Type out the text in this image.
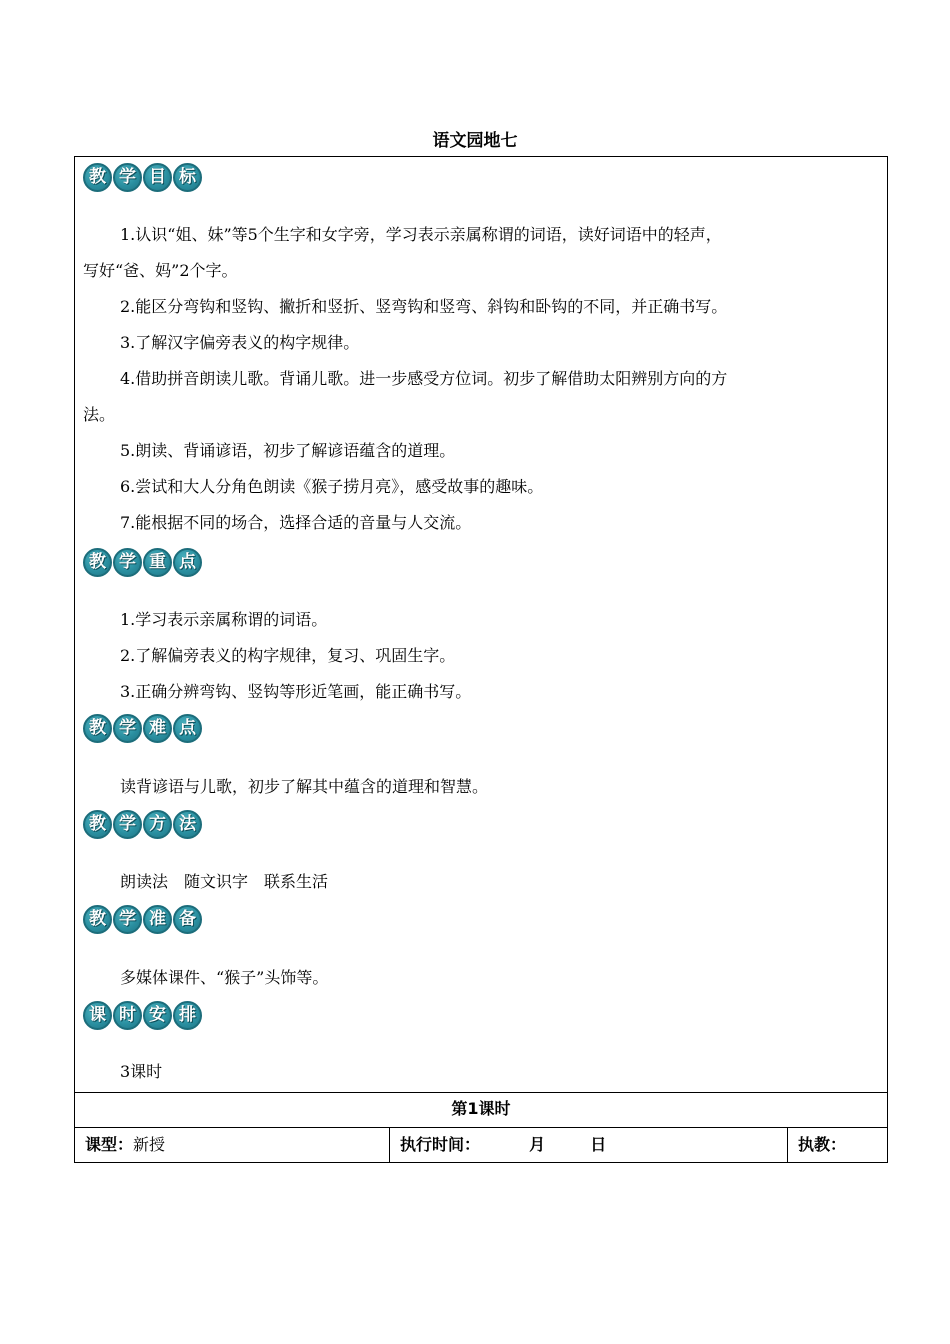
语文园地七
教 学 目 标

1.认识“姐、妹”等5个生字和女字旁，学习表示亲属称谓的词语，读好词语中的轻声，

写好“爸、妈”2个字。

2.能区分弯钩和竖钩、撇折和竖折、竖弯钩和竖弯、斜钩和卧钩的不同，并正确书写。

3.了解汉字偏旁表义的构字规律。

4.借助拼音朗读儿歌。背诵儿歌。进一步感受方位词。初步了解借助太阳辨别方向的方

法。

5.朗读、背诵谚语，初步了解谚语蕴含的道理。

6.尝试和大人分角色朗读《猴子捞月亮》，感受故事的趣味。

7.能根据不同的场合，选择合适的音量与人交流。

教 学 重 点

1.学习表示亲属称谓的词语。

2.了解偏旁表义的构字规律，复习、巩固生字。

3.正确分辨弯钩、竖钩等形近笔画，能正确书写。

教 学 难 点

读背谚语与儿歌，初步了解其中蕴含的道理和智慧。

教 学 方 法

朗读法　随文识字　联系生活

教 学 准 备

多媒体课件、“猴子”头饰等。

课 时 安 排

3课时

第1课时
课型：新授	执行时间：	月	日	执教：
